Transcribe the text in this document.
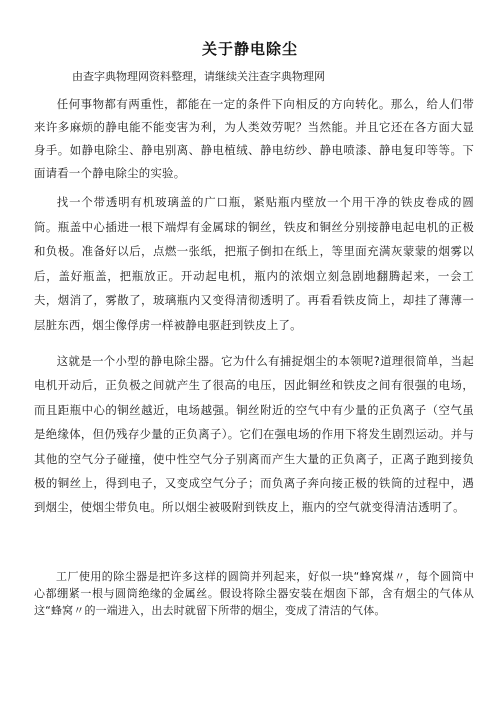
关于静电除尘
由查字典物理网资料整理，请继续关注查字典物理网

任何事物都有两重性，都能在一定的条件下向相反的方向转化。那么，给人们带来许多麻烦的静电能不能变害为利，为人类效劳呢？当然能。并且它还在各方面大显身手。如静电除尘、静电别离、静电植绒、静电纺纱、静电喷漆、静电复印等等。下面请看一个静电除尘的实验。

找一个带透明有机玻璃盖的广口瓶，紧贴瓶内壁放一个用干净的铁皮卷成的圆筒。瓶盖中心插进一根下端焊有金属球的铜丝，铁皮和铜丝分别接静电起电机的正极和负极。准备好以后，点燃一张纸，把瓶子倒扣在纸上，等里面充满灰蒙蒙的烟雾以后，盖好瓶盖，把瓶放正。开动起电机，瓶内的浓烟立刻急剧地翻腾起来，一会工夫，烟消了，雾散了，玻璃瓶内又变得清彻透明了。再看看铁皮筒上，却挂了薄薄一层脏东西，烟尘像俘虏一样被静电驱赶到铁皮上了。

这就是一个小型的静电除尘器。它为什么有捕捉烟尘的本领呢?道理很简单，当起电机开动后，正负极之间就产生了很高的电压，因此铜丝和铁皮之间有很强的电场，而且距瓶中心的铜丝越近，电场越强。铜丝附近的空气中有少量的正负离子（空气虽是绝缘体，但仍残存少量的正负离子）。它们在强电场的作用下将发生剧烈运动。并与其他的空气分子碰撞，使中性空气分子别离而产生大量的正负离子，正离子跑到接负极的铜丝上，得到电子，又变成空气分子；而负离子奔向接正极的铁筒的过程中，遇到烟尘，使烟尘带负电。所以烟尘被吸附到铁皮上，瓶内的空气就变得清洁透明了。

工厂使用的除尘器是把许多这样的圆筒并列起来，好似一块“蜂窝煤〃，每个圆筒中心都绷紧一根与圆筒绝缘的金属丝。假设将除尘器安装在烟囱下部，含有烟尘的气体从这“蜂窝〃的一端进入，出去时就留下所带的烟尘，变成了清洁的气体。
